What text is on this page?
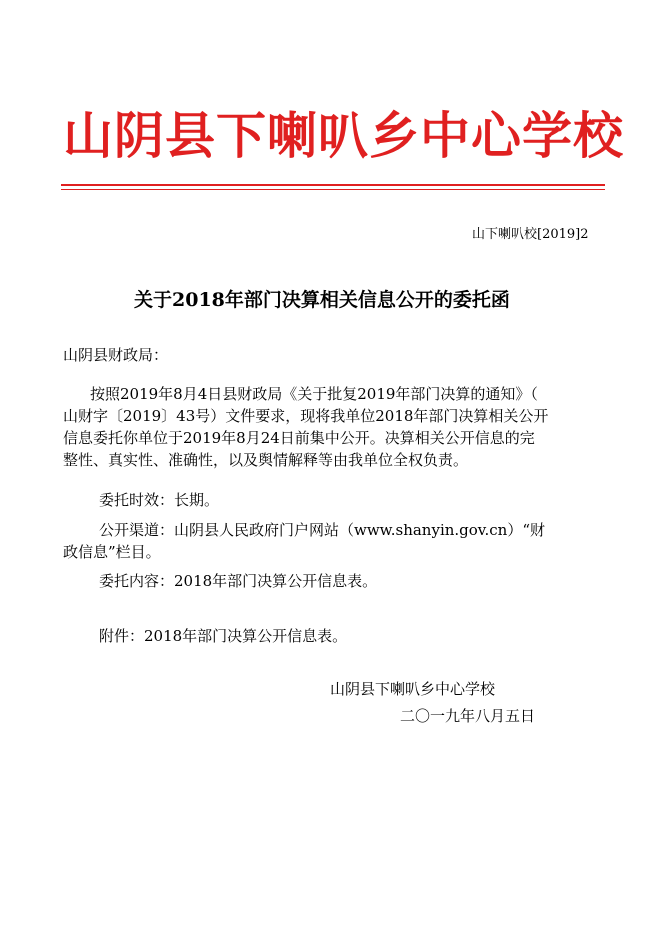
山阴县下喇叭乡中心学校
山下喇叭校[2019]2
关于2018年部门决算相关信息公开的委托函
山阴县财政局：
按照2019年8月4日县财政局《关于批复2019年部门决算的通知》（
山财字〔2019〕43号）文件要求，现将我单位2018年部门决算相关公开
信息委托你单位于2019年8月24日前集中公开。决算相关公开信息的完
整性、真实性、准确性，以及舆情解释等由我单位全权负责。
委托时效：长期。
公开渠道：山阴县人民政府门户网站（www.shanyin.gov.cn）“财
政信息”栏目。
委托内容：2018年部门决算公开信息表。
附件：2018年部门决算公开信息表。
山阴县下喇叭乡中心学校
二〇一九年八月五日
